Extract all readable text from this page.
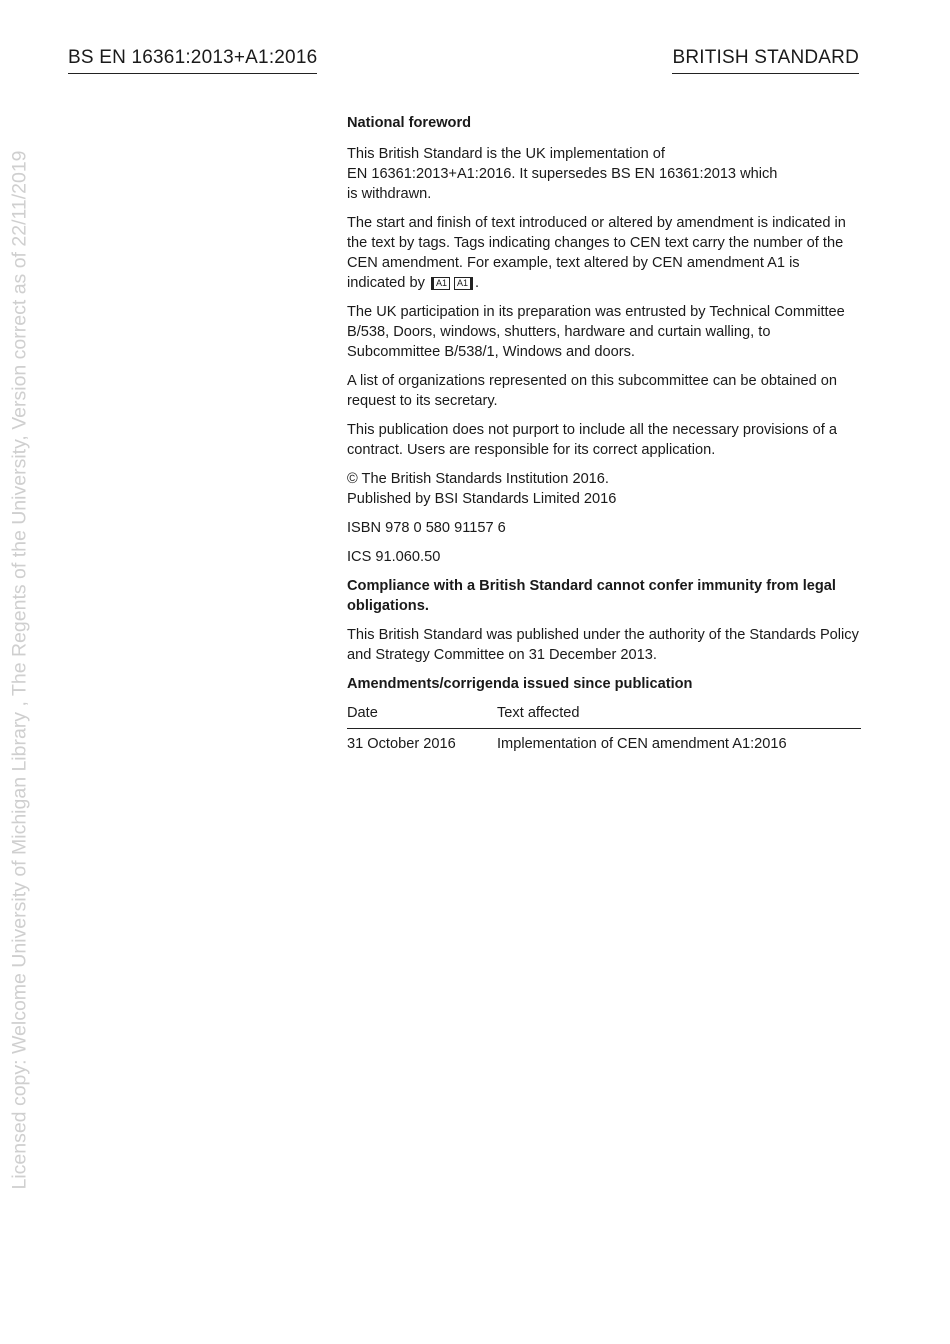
BS EN 16361:2013+A1:2016	BRITISH STANDARD
Licensed copy: Welcome University of Michigan Library , The Regents of the University, Version correct as of 22/11/2019
National foreword

This British Standard is the UK implementation of
EN 16361:2013+A1:2016. It supersedes BS EN 16361:2013 which
is withdrawn.

The start and finish of text introduced or altered by amendment is indicated in the text by tags. Tags indicating changes to CEN text carry the number of the CEN amendment. For example, text altered by CEN amendment A1 is indicated by A1 A1 .

The UK participation in its preparation was entrusted by Technical Committee B/538, Doors, windows, shutters, hardware and curtain walling, to Subcommittee B/538/1, Windows and doors.

A list of organizations represented on this subcommittee can be obtained on request to its secretary.

This publication does not purport to include all the necessary provisions of a contract. Users are responsible for its correct application.

© The British Standards Institution 2016.
Published by BSI Standards Limited 2016

ISBN 978 0 580 91157 6

ICS 91.060.50

Compliance with a British Standard cannot confer immunity from legal obligations.

This British Standard was published under the authority of the Standards Policy and Strategy Committee on 31 December 2013.

Amendments/corrigenda issued since publication

Date	Text affected
31 October 2016	Implementation of CEN amendment A1:2016
